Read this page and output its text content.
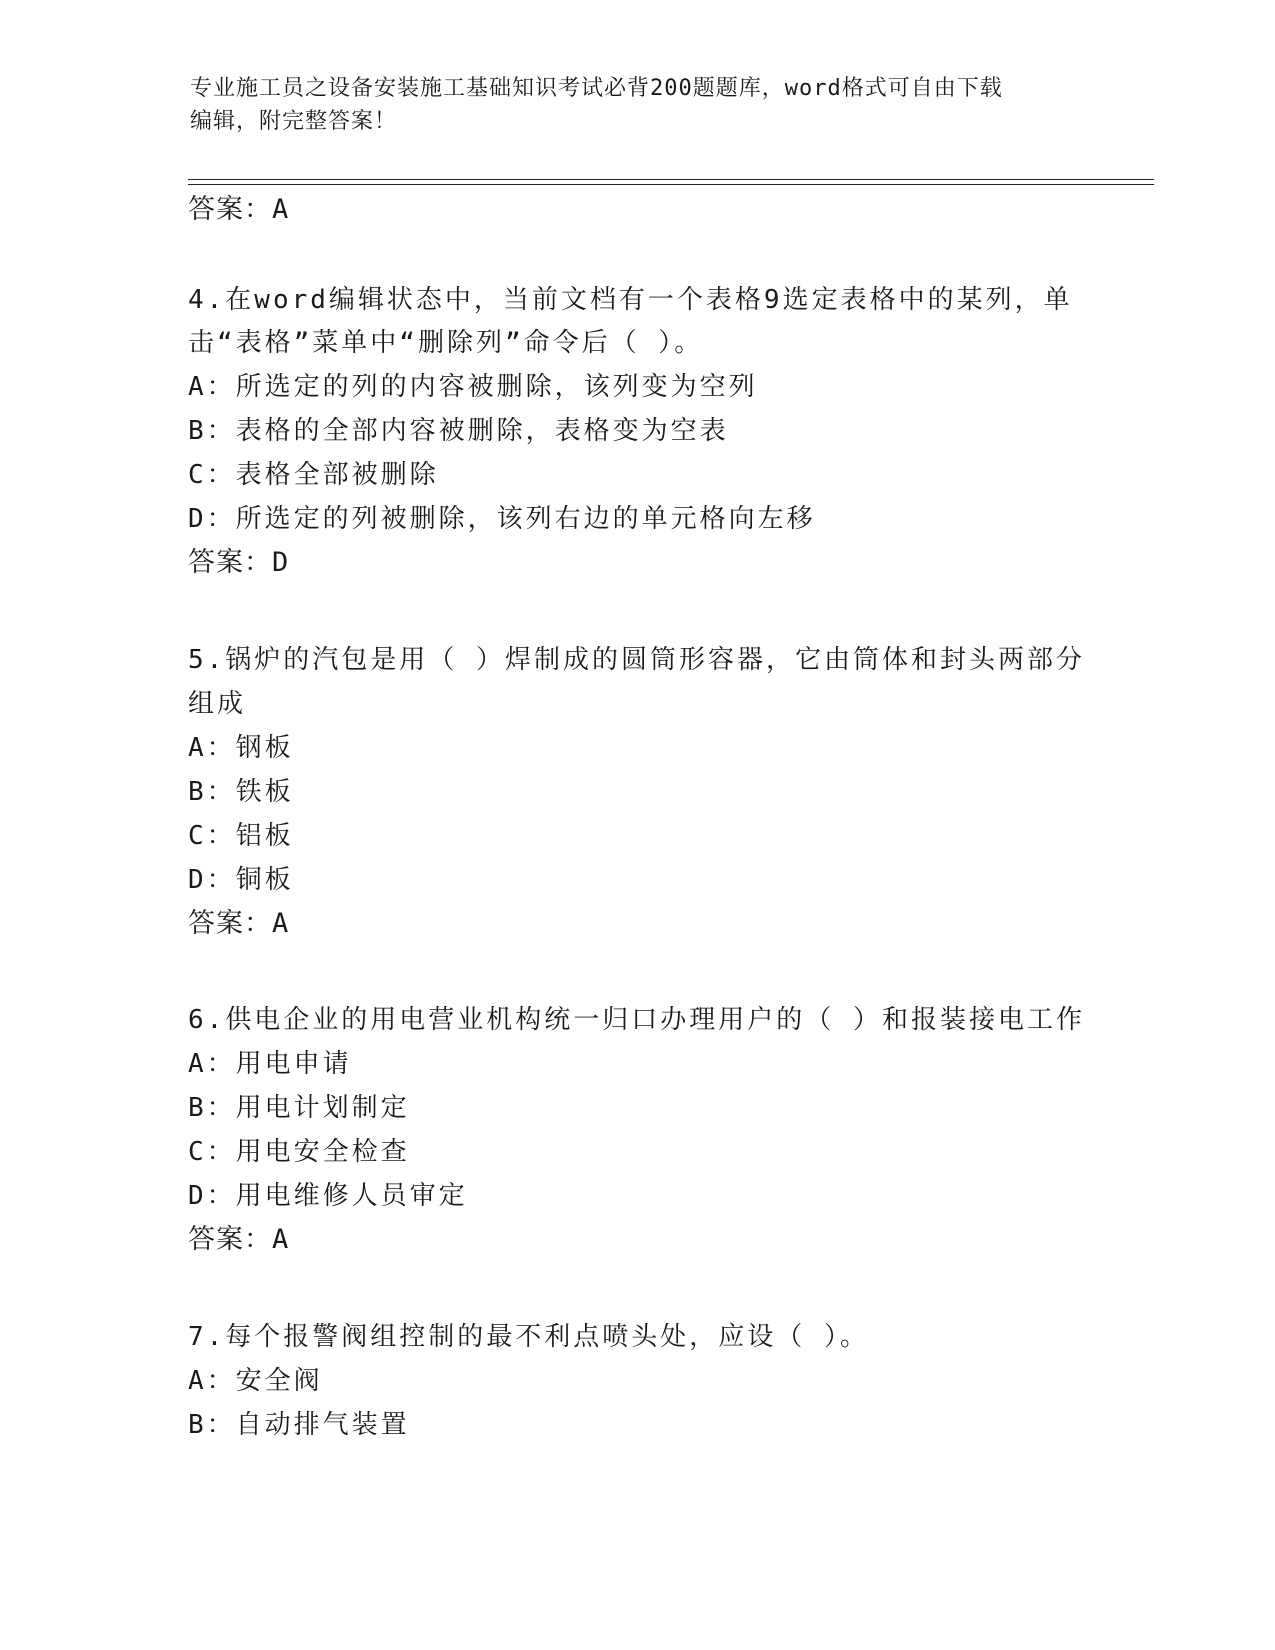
专业施工员之设备安装施工基础知识考试必背200题题库，word格式可自由下载
编辑，附完整答案！
答案：A
4.在word编辑状态中，当前文档有一个表格9选定表格中的某列，单
击“表格”菜单中“删除列”命令后（ ）。
A：所选定的列的内容被删除，该列变为空列
B：表格的全部内容被删除，表格变为空表
C：表格全部被删除
D：所选定的列被删除，该列右边的单元格向左移
答案：D
5.锅炉的汽包是用（ ）焊制成的圆筒形容器，它由筒体和封头两部分
组成
A：钢板
B：铁板
C：铝板
D：铜板
答案：A
6.供电企业的用电营业机构统一归口办理用户的（ ）和报装接电工作
A：用电申请
B：用电计划制定
C：用电安全检查
D：用电维修人员审定
答案：A
7.每个报警阀组控制的最不利点喷头处，应设（ ）。
A：安全阀
B：自动排气装置
